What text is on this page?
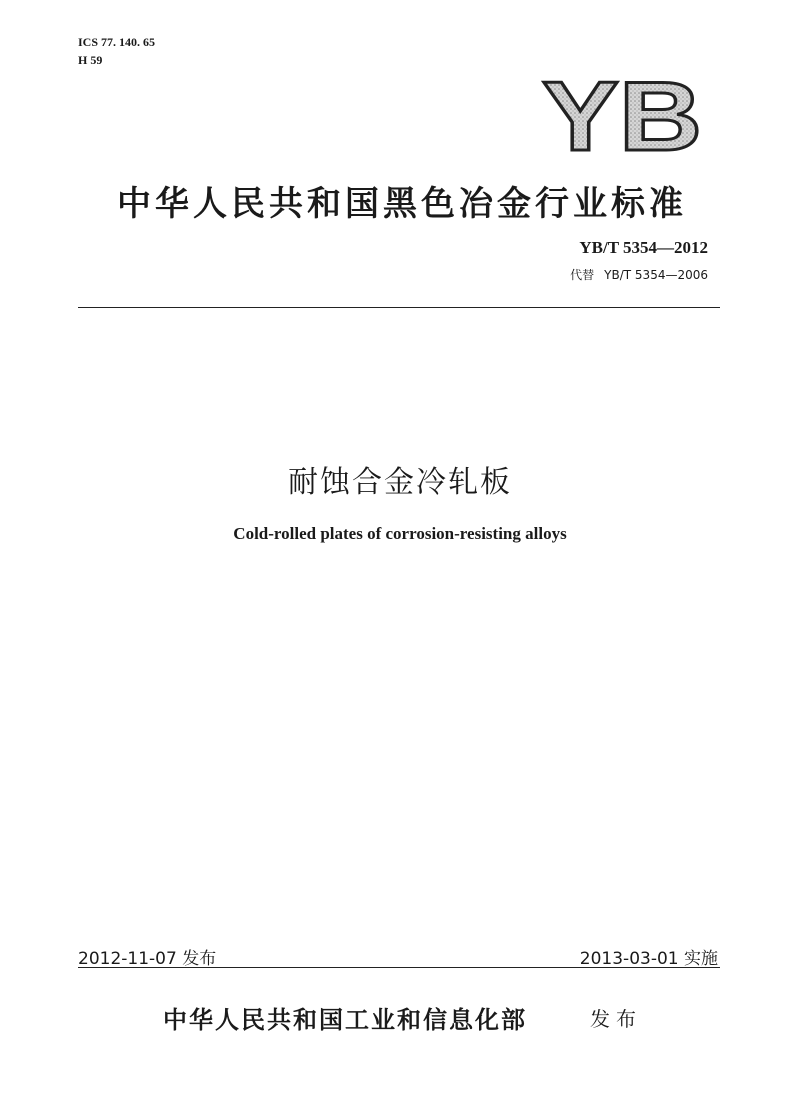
ICS 77. 140. 65
H 59
YB
中华人民共和国黑色冶金行业标准
YB/T 5354—2012
代替 YB/T 5354—2006
耐蚀合金冷轧板
Cold-rolled plates of corrosion-resisting alloys
2012-11-07 发布	2013-03-01 实施
中华人民共和国工业和信息化部	发布
